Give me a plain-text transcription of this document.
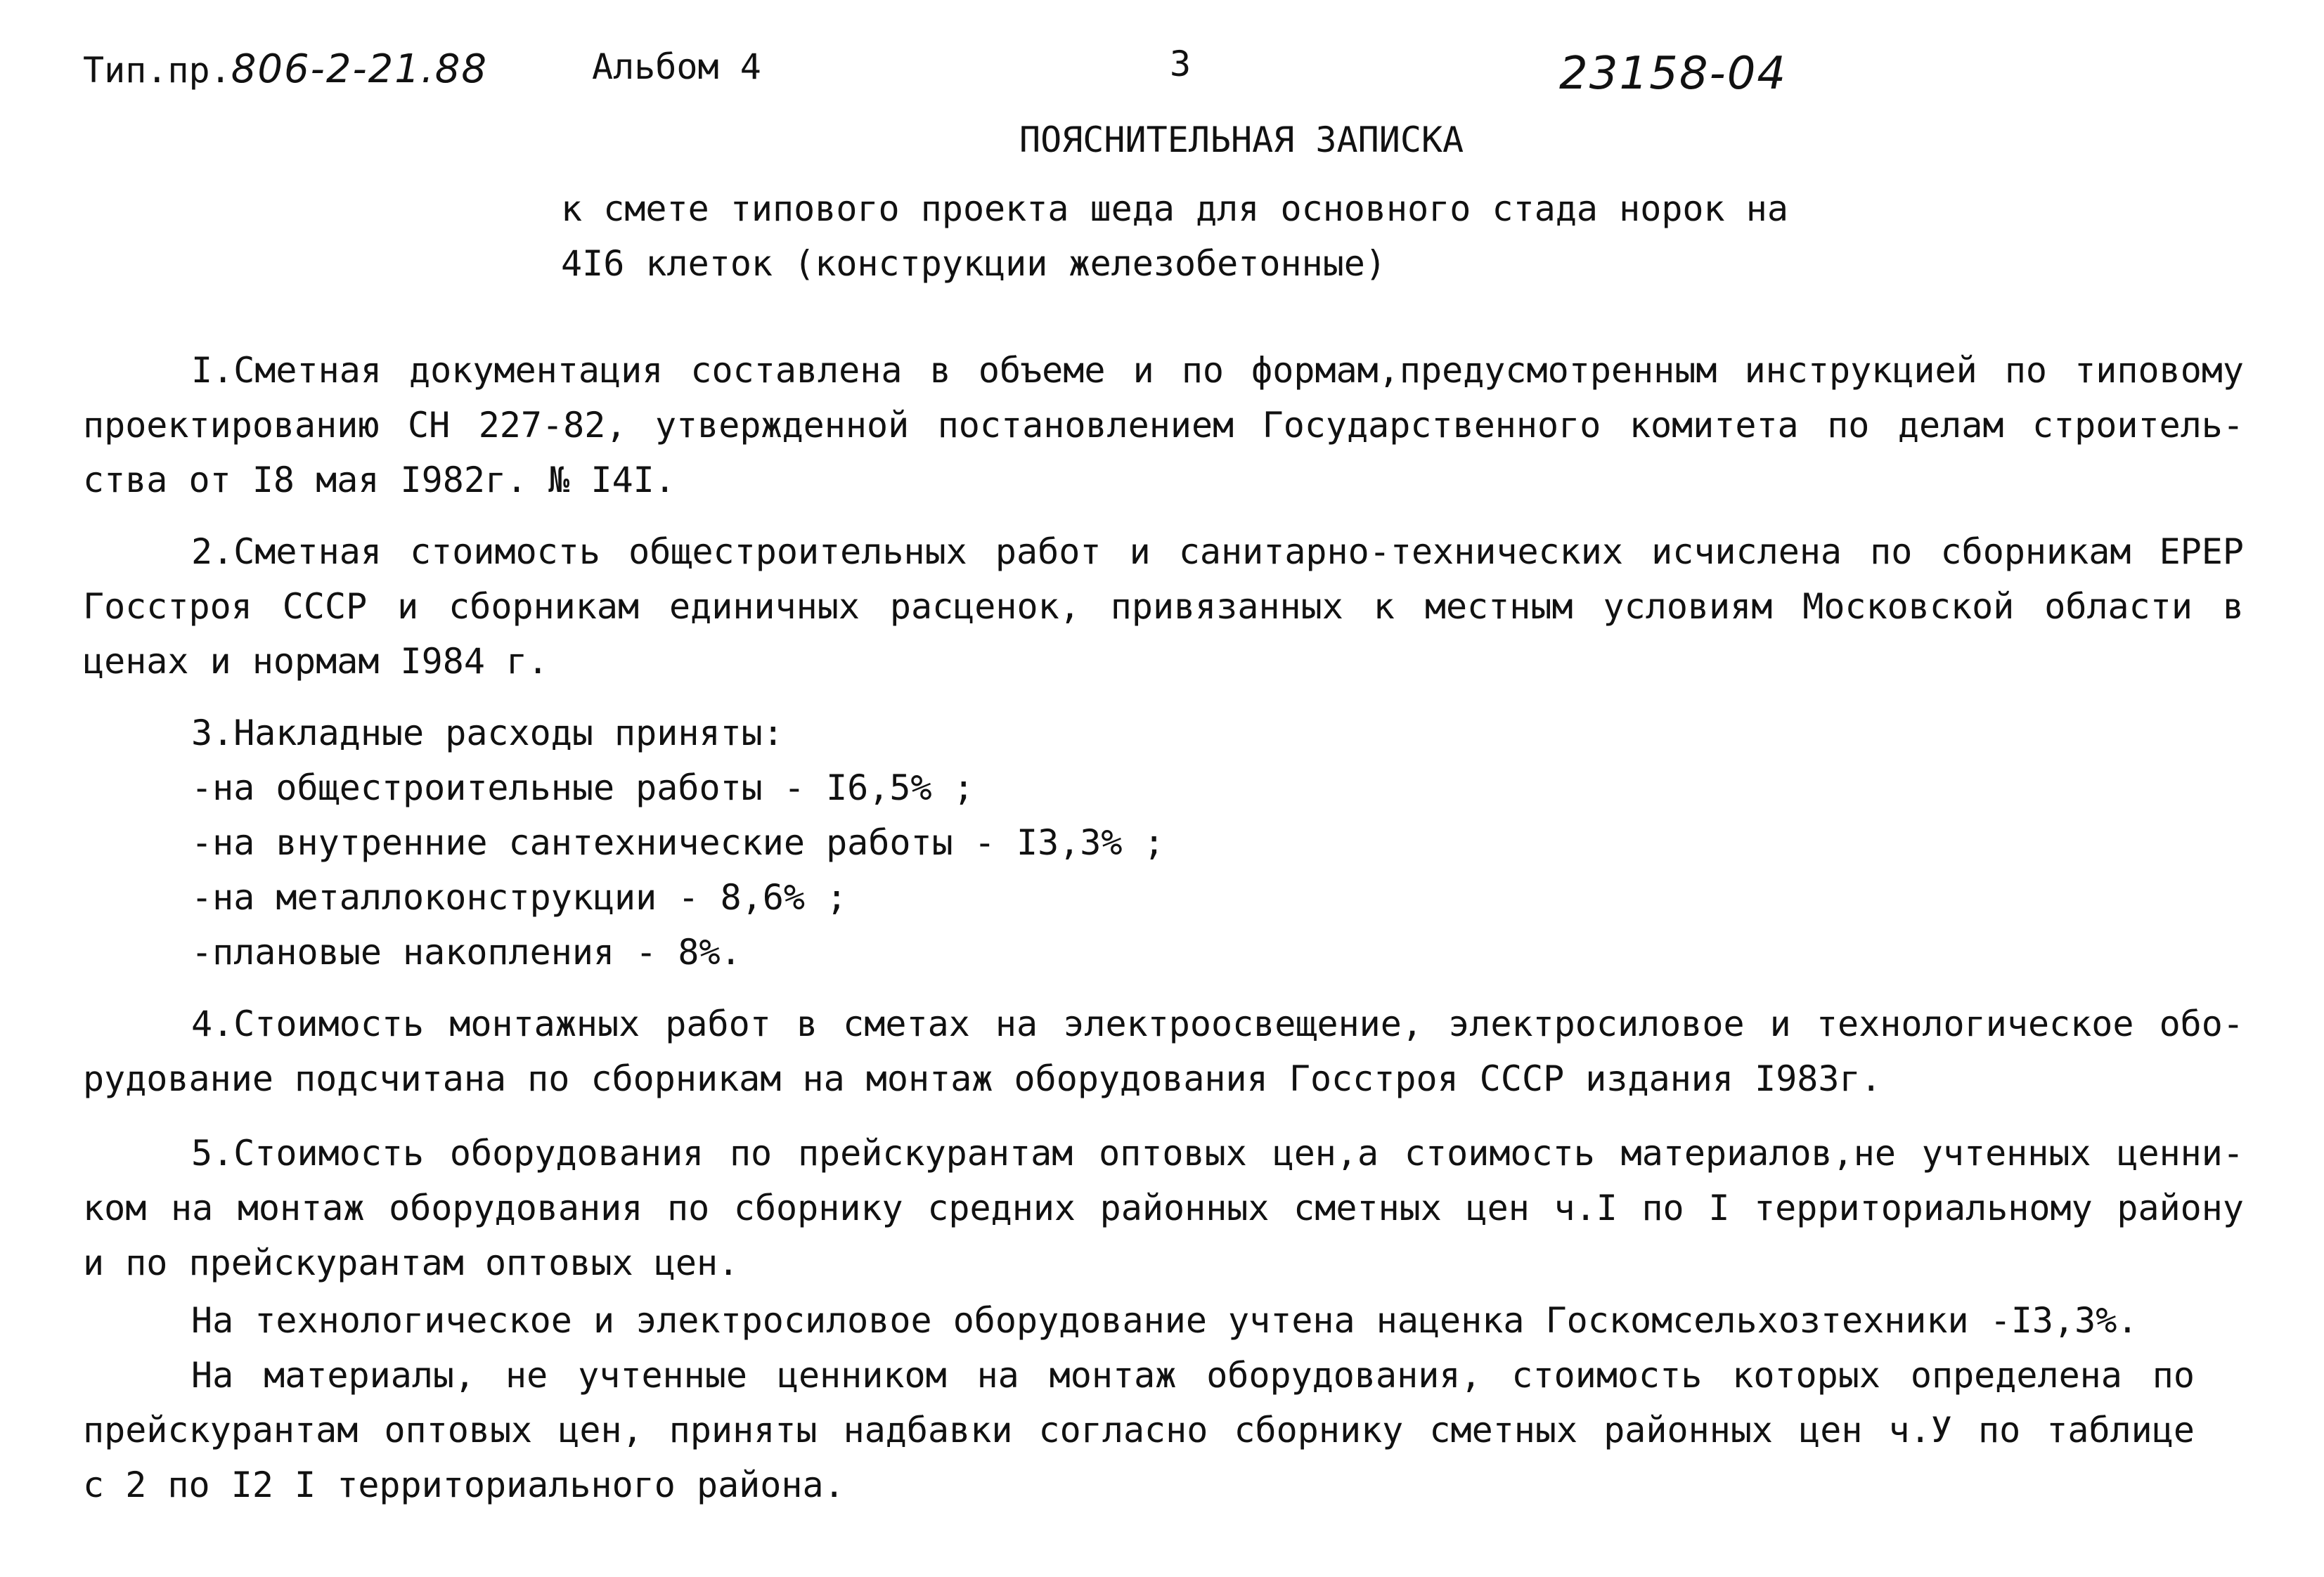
Тип.пр.806-2-21.88	Альбом 4	3	23158-04
ПОЯСНИТЕЛЬНАЯ ЗАПИСКА
к смете типового проекта шеда для основного стада норок на
4I6 клеток (конструкции железобетонные)
I.Сметная документация составлена в объеме и по формам,предусмотренным инструкцией по типовому
проектированию СН 227-82, утвержденной постановлением Государственного комитета по делам строитель-
ства от I8 мая I982г. № I4I.
2.Сметная стоимость общестроительных работ и санитарно-технических исчислена по сборникам ЕРЕР
Госстроя СССР и сборникам единичных расценок, привязанных к местным условиям Московской области в
ценах и нормам I984 г.
3.Накладные расходы приняты:
-на общестроительные работы - I6,5% ;
-на внутренние сантехнические работы - I3,3% ;
-на металлоконструкции - 8,6% ;
-плановые накопления - 8%.
4.Стоимость монтажных работ в сметах на электроосвещение, электросиловое и технологическое обо-
рудование подсчитана по сборникам на монтаж оборудования Госстроя СССР издания I983г.
5.Стоимость оборудования по прейскурантам оптовых цен,а стоимость материалов,не учтенных ценни-
ком на монтаж оборудования по сборнику средних районных сметных цен ч.I по I территориальному району
и по прейскурантам оптовых цен.
На технологическое и электросиловое оборудование учтена наценка Госкомсельхозтехники -I3,3%.
На материалы, не учтенные ценником на монтаж оборудования, стоимость которых определена по
прейскурантам оптовых цен, приняты надбавки согласно сборнику сметных районных цен ч.У по таблице
с 2 по I2 I территориального района.
